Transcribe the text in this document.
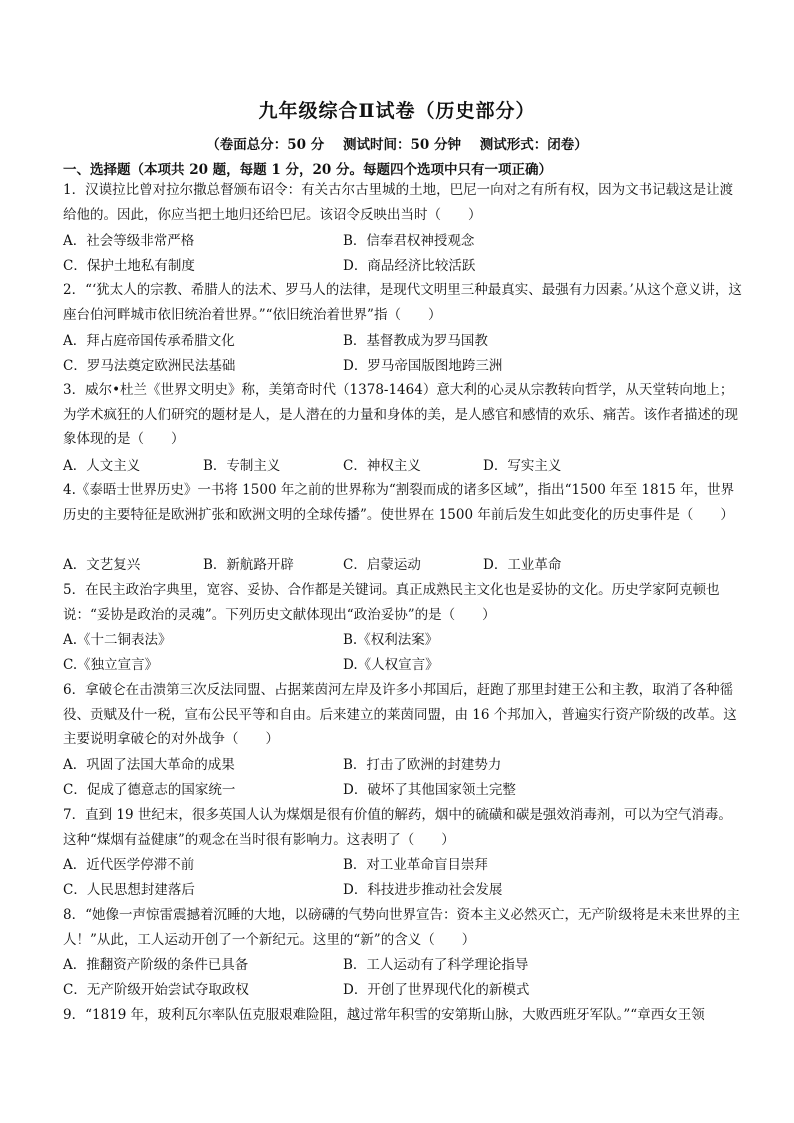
九年级综合Ⅱ试卷（历史部分）
（卷面总分：50 分    测试时间：50 分钟    测试形式：闭卷）
一、选择题（本项共 20 题，每题 1 分，20 分。每题四个选项中只有一项正确）
1．汉谟拉比曾对拉尔撒总督颁布诏令：有关古尔古里城的土地，巴尼一向对之有所有权，因为文书记载这是让渡给他的。因此，你应当把土地归还给巴尼。该诏令反映出当时（　　）
A．社会等级非常严格	B．信奉君权神授观念
C．保护土地私有制度	D．商品经济比较活跃
2．“‘犹太人的宗教、希腊人的法术、罗马人的法律，是现代文明里三种最真实、最强有力因素。’从这个意义讲，这座台伯河畔城市依旧统治着世界。”“依旧统治着世界”指（　　）
A．拜占庭帝国传承希腊文化	B．基督教成为罗马国教
C．罗马法奠定欧洲民法基础	D．罗马帝国版图地跨三洲
3．威尔•杜兰《世界文明史》称，美第奇时代（1378-1464）意大利的心灵从宗教转向哲学，从天堂转向地上；为学术疯狂的人们研究的题材是人，是人潜在的力量和身体的美，是人感官和感情的欢乐、痛苦。该作者描述的现象体现的是（　　）
A．人文主义	B．专制主义	C．神权主义	D．写实主义
4.《泰晤士世界历史》一书将 1500 年之前的世界称为“割裂而成的诸多区域”，指出“1500 年至 1815 年，世界历史的主要特征是欧洲扩张和欧洲文明的全球传播”。使世界在 1500 年前后发生如此变化的历史事件是（　　）
A．文艺复兴	B．新航路开辟	C．启蒙运动	D．工业革命
5．在民主政治字典里，宽容、妥协、合作都是关键词。真正成熟民主文化也是妥协的文化。历史学家阿克顿也说：“妥协是政治的灵魂”。下列历史文献体现出“政治妥协”的是（　　）
A.《十二铜表法》	B.《权利法案》
C.《独立宣言》	D.《人权宣言》
6．拿破仑在击溃第三次反法同盟、占据莱茵河左岸及许多小邦国后，赶跑了那里封建王公和主教，取消了各种徭役、贡赋及什一税，宣布公民平等和自由。后来建立的莱茵同盟，由 16 个邦加入，普遍实行资产阶级的改革。这主要说明拿破仑的对外战争（　　）
A．巩固了法国大革命的成果	B．打击了欧洲的封建势力
C．促成了德意志的国家统一	D．破坏了其他国家领土完整
7．直到 19 世纪末，很多英国人认为煤烟是很有价值的解药，烟中的硫磺和碳是强效消毒剂，可以为空气消毒。这种“煤烟有益健康”的观念在当时很有影响力。这表明了（　　）
A．近代医学停滞不前	B．对工业革命盲目崇拜
C．人民思想封建落后	D．科技进步推动社会发展
8．“她像一声惊雷震撼着沉睡的大地，以磅礴的气势向世界宣告：资本主义必然灭亡，无产阶级将是未来世界的主人！”从此，工人运动开创了一个新纪元。这里的“新”的含义（　　）
A．推翻资产阶级的条件已具备	B．工人运动有了科学理论指导
C．无产阶级开始尝试夺取政权	D．开创了世界现代化的新模式
9．“1819 年，玻利瓦尔率队伍克服艰难险阻，越过常年积雪的安第斯山脉，大败西班牙军队。”“章西女王领
